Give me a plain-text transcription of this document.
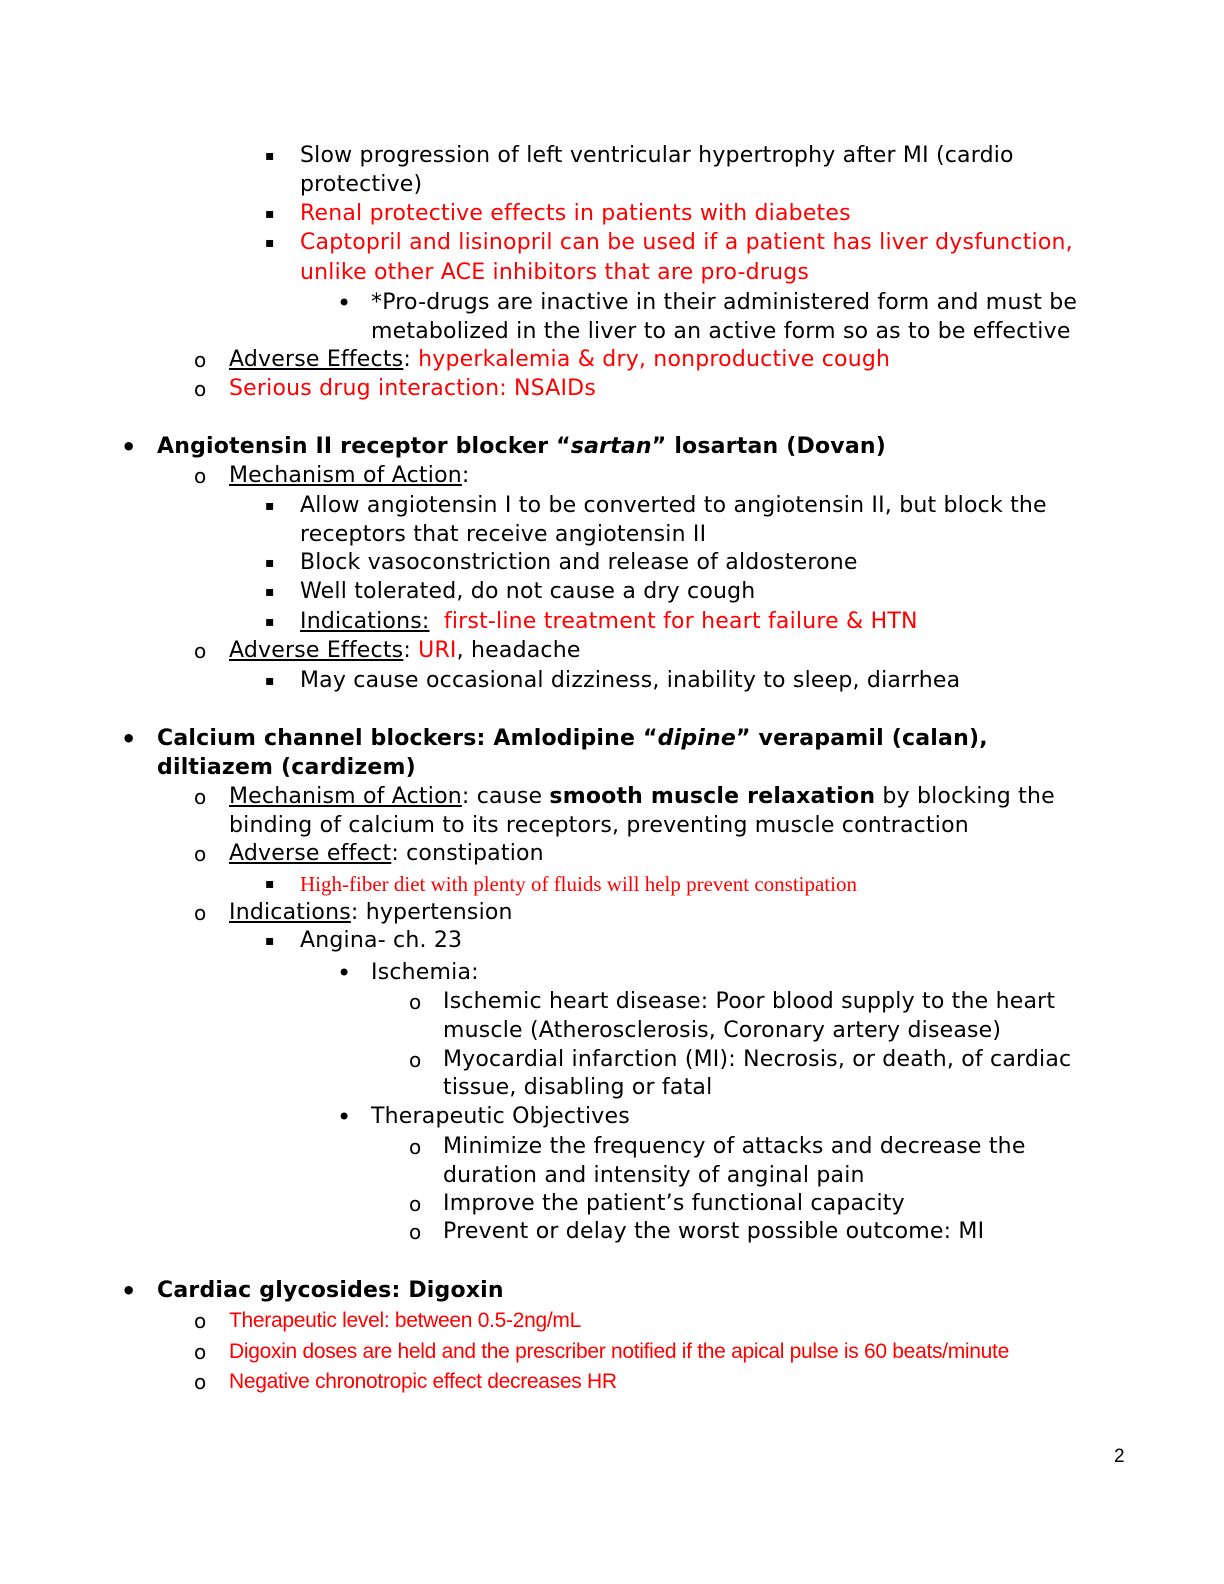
▪ Slow progression of left ventricular hypertrophy after MI (cardio
protective)
▪ Renal protective effects in patients with diabetes
▪ Captopril and lisinopril can be used if a patient has liver dysfunction,
unlike other ACE inhibitors that are pro-drugs
• *Pro-drugs are inactive in their administered form and must be
metabolized in the liver to an active form so as to be effective
o Adverse Effects: hyperkalemia & dry, nonproductive cough
o Serious drug interaction: NSAIDs
• Angiotensin II receptor blocker “sartan” losartan (Dovan)
o Mechanism of Action:
▪ Allow angiotensin I to be converted to angiotensin II, but block the
receptors that receive angiotensin II
▪ Block vasoconstriction and release of aldosterone
▪ Well tolerated, do not cause a dry cough
▪ Indications: first-line treatment for heart failure & HTN
o Adverse Effects: URI, headache
▪ May cause occasional dizziness, inability to sleep, diarrhea
• Calcium channel blockers: Amlodipine “dipine” verapamil (calan),
diltiazem (cardizem)
o Mechanism of Action: cause smooth muscle relaxation by blocking the
binding of calcium to its receptors, preventing muscle contraction
o Adverse effect: constipation
▪ High-fiber diet with plenty of fluids will help prevent constipation
o Indications: hypertension
▪ Angina- ch. 23
• Ischemia:
o Ischemic heart disease: Poor blood supply to the heart
muscle (Atherosclerosis, Coronary artery disease)
o Myocardial infarction (MI): Necrosis, or death, of cardiac
tissue, disabling or fatal
• Therapeutic Objectives
o Minimize the frequency of attacks and decrease the
duration and intensity of anginal pain
o Improve the patient’s functional capacity
o Prevent or delay the worst possible outcome: MI
• Cardiac glycosides: Digoxin
o Therapeutic level: between 0.5-2ng/mL
o Digoxin doses are held and the prescriber notified if the apical pulse is 60 beats/minute
o Negative chronotropic effect decreases HR
2
